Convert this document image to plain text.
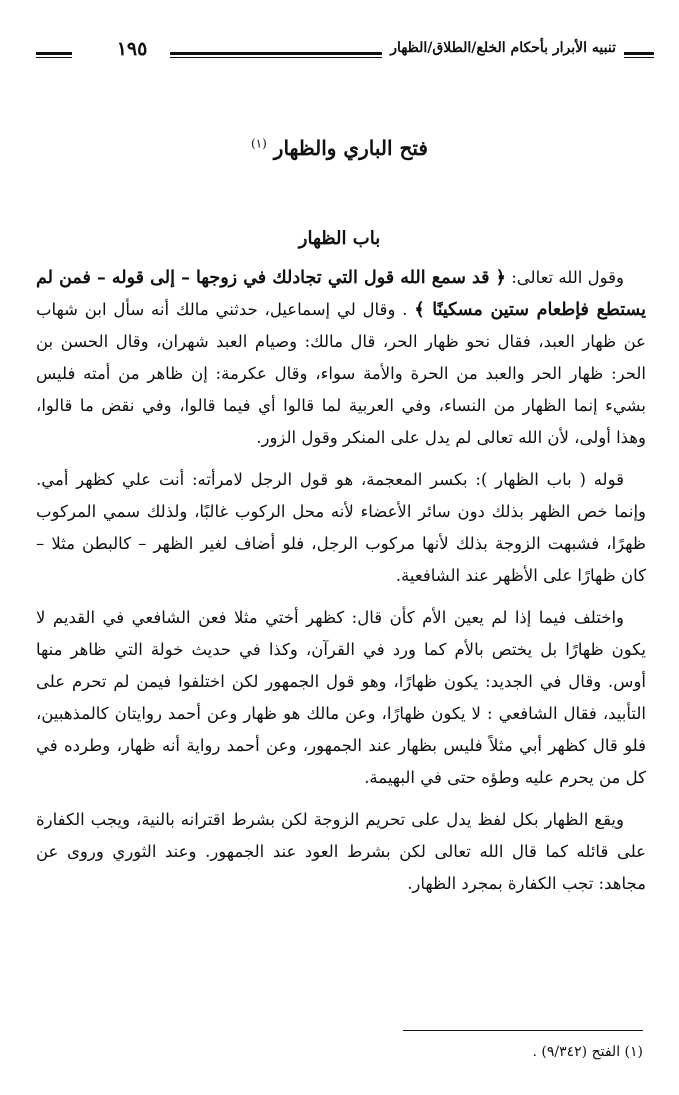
تنبيه الأبرار بأحكام الخلع/الطلاق/الظهار
١٩٥
فتح الباري والظهار $^{(١)}$
باب الظهار

وقول الله تعالى: ﴿ قد سمع الله قول التي تجادلك في زوجها – إلى قوله – فمن لم يستطع فإطعام ستين مسكينًا ﴾ . وقال لي إسماعيل، حدثني مالك أنه سأل ابن شهاب عن ظهار العبد، فقال نحو ظهار الحر، قال مالك: وصيام العبد شهران، وقال الحسن بن الحر: ظهار الحر والعبد من الحرة والأمة سواء، وقال عكرمة: إن ظاهر من أمته فليس بشيء إنما الظهار من النساء، وفي العربية لما قالوا أي فيما قالوا، وفي نقض ما قالوا، وهذا أولى، لأن الله تعالى لم يدل على المنكر وقول الزور.

قوله ( باب الظهار ): بكسر المعجمة، هو قول الرجل لامرأته: أنت علي كظهر أمي. وإنما خص الظهر بذلك دون سائر الأعضاء لأنه محل الركوب غالبًا، ولذلك سمي المركوب ظهرًا، فشبهت الزوجة بذلك لأنها مركوب الرجل، فلو أضاف لغير الظهر – كالبطن مثلا – كان ظهارًا على الأظهر عند الشافعية.

واختلف فيما إذا لم يعين الأم كأن قال: كظهر أختي مثلا فعن الشافعي في القديم لا يكون ظهارًا بل يختص بالأم كما ورد في القرآن، وكذا في حديث خولة التي ظاهر منها أوس. وقال في الجديد: يكون ظهارًا، وهو قول الجمهور لكن اختلفوا فيمن لم تحرم على التأبيد، فقال الشافعي : لا يكون ظهارًا، وعن مالك هو ظهار وعن أحمد روايتان كالمذهبين، فلو قال كظهر أبي مثلاً فليس بظهار عند الجمهور، وعن أحمد رواية أنه ظهار، وطرده في كل من يحرم عليه وطؤه حتى في البهيمة.

ويقع الظهار بكل لفظ يدل على تحريم الزوجة لكن بشرط اقترانه بالنية، ويجب الكفارة على قائله كما قال الله تعالى لكن بشرط العود عند الجمهور. وعند الثوري وروى عن مجاهد: تجب الكفارة بمجرد الظهار.

(١) الفتح (٩/٣٤٢) .
